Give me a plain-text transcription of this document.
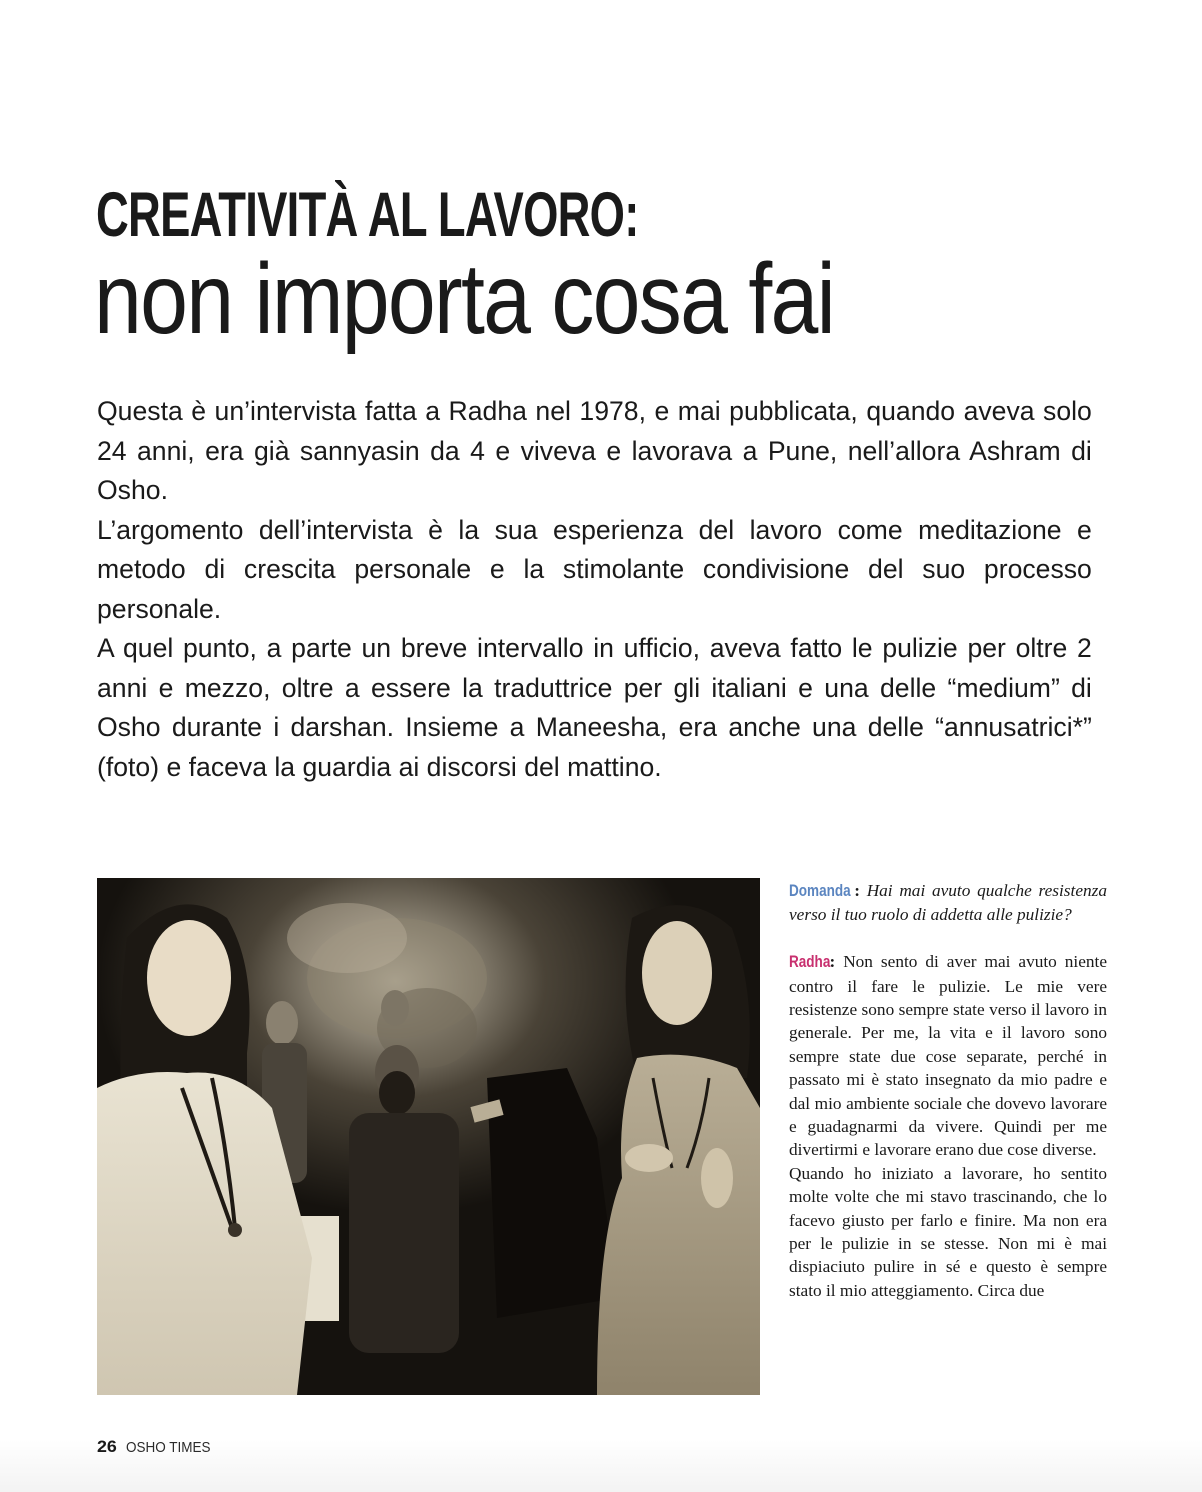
CREATIVITÀ AL LAVORO:
non importa cosa fai

Questa è un’intervista fatta a Radha nel 1978, e mai pubblicata, quando aveva solo 24 anni, era già sannyasin da 4 e viveva e lavorava a Pune, nell’allora Ashram di Osho.

L’argomento dell’intervista è la sua esperienza del lavoro come meditazione e metodo di crescita personale e la stimolante condivisione del suo processo personale.

A quel punto, a parte un breve intervallo in ufficio, aveva fatto le pulizie per oltre 2 anni e mezzo, oltre a essere la traduttrice per gli italiani e una delle “medium” di Osho durante i darshan. Insieme a Maneesha, era anche una delle “annusatrici*” (foto) e faceva la guardia ai discorsi del mattino.

Domanda : Hai mai avuto qualche resistenza verso il tuo ruolo di addetta alle pulizie?

Radha: Non sento di aver mai avuto niente contro il fare le pulizie. Le mie vere resistenze sono sempre state verso il lavoro in generale. Per me, la vita e il lavoro sono sempre state due cose separate, perché in passato mi è stato insegnato da mio padre e dal mio ambiente sociale che dovevo lavorare e guadagnarmi da vivere. Quindi per me divertirmi e lavorare erano due cose diverse.

Quando ho iniziato a lavorare, ho sentito molte volte che mi stavo trascinando, che lo facevo giusto per farlo e finire. Ma non era per le pulizie in se stesse. Non mi è mai dispiaciuto pulire in sé e questo è sempre stato il mio atteggiamento. Circa due

26 OSHO TIMES
